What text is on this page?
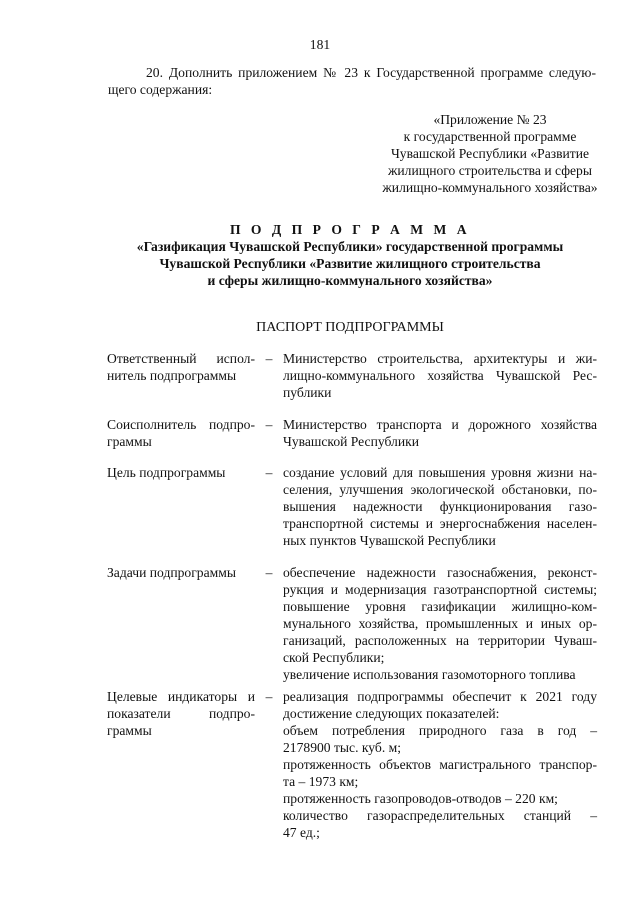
181
20. Дополнить приложением № 23 к Государственной программе следую-щего содержания:
«Приложение № 23
к государственной программе
Чувашской Республики «Развитие
жилищного строительства и сферы
жилищно-коммунального хозяйства»
П О Д П Р О Г Р А М М А
«Газификация Чувашской Республики» государственной программы
Чувашской Республики «Развитие жилищного строительства
и сферы жилищно-коммунального хозяйства»
ПАСПОРТ ПОДПРОГРАММЫ
Ответственный испол-
нитель подпрограммы
– Министерство строительства, архитектуры и жи-
лищно-коммунального хозяйства Чувашской Рес-
публики
Соисполнитель подпро-
граммы
– Министерство транспорта и дорожного хозяйства
Чувашской Республики
Цель подпрограммы	– создание условий для повышения уровня жизни на-
селения, улучшения экологической обстановки, по-
вышения надежности функционирования газо-
транспортной системы и энергоснабжения населен-
ных пунктов Чувашской Республики
Задачи подпрограммы	– обеспечение надежности газоснабжения, реконст-
рукция и модернизация газотранспортной системы;
повышение уровня газификации жилищно-ком-
мунального хозяйства, промышленных и иных ор-
ганизаций, расположенных на территории Чуваш-
ской Республики;
увеличение использования газомоторного топлива
Целевые индикаторы и
показатели подпро-
граммы
– реализация подпрограммы обеспечит к 2021 году
достижение следующих показателей:
объем потребления природного газа в год –
2178900 тыс. куб. м;
протяженность объектов магистрального транспор-
та – 1973 км;
протяженность газопроводов-отводов – 220 км;
количество газораспределительных станций –
47 ед.;
